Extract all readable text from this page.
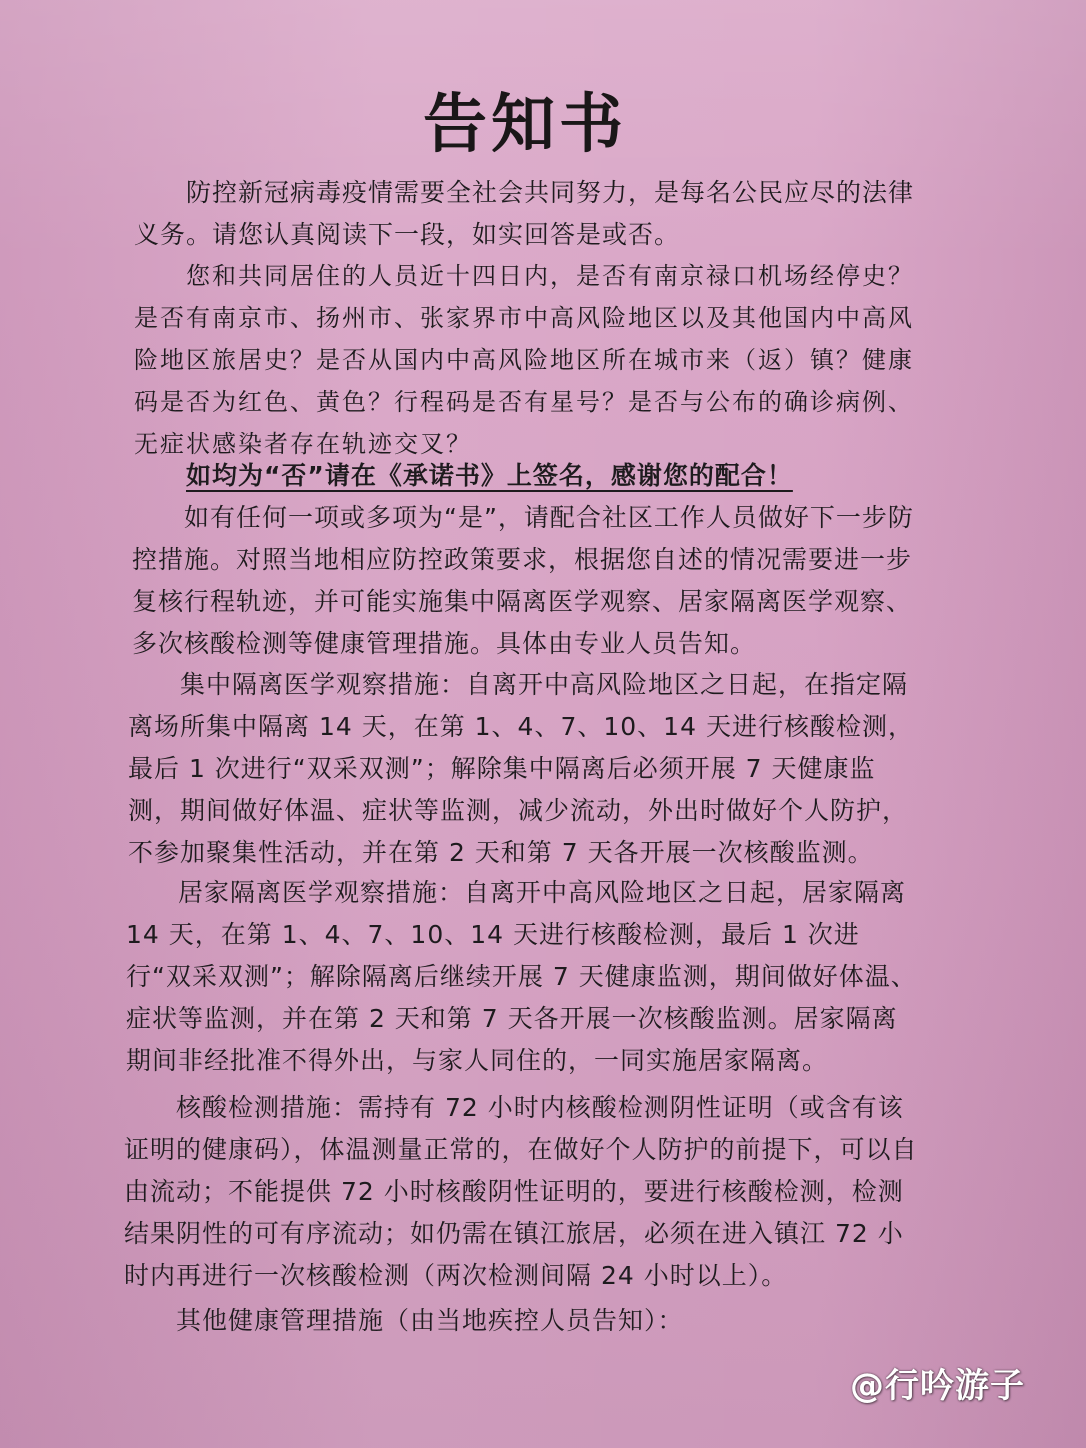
告知书

防控新冠病毒疫情需要全社会共同努力，是每名公民应尽的法律义务。请您认真阅读下一段，如实回答是或否。

您和共同居住的人员近十四日内，是否有南京禄口机场经停史？是否有南京市、扬州市、张家界市中高风险地区以及其他国内中高风险地区旅居史？是否从国内中高风险地区所在城市来（返）镇？健康码是否为红色、黄色？行程码是否有星号？是否与公布的确诊病例、无症状感染者存在轨迹交叉？

如均为“否”请在《承诺书》上签名，感谢您的配合！

如有任何一项或多项为“是”，请配合社区工作人员做好下一步防控措施。对照当地相应防控政策要求，根据您自述的情况需要进一步复核行程轨迹，并可能实施集中隔离医学观察、居家隔离医学观察、多次核酸检测等健康管理措施。具体由专业人员告知。

集中隔离医学观察措施：自离开中高风险地区之日起，在指定隔离场所集中隔离 14 天，在第 1、4、7、10、14 天进行核酸检测，最后 1 次进行“双采双测”；解除集中隔离后必须开展 7 天健康监测，期间做好体温、症状等监测，减少流动，外出时做好个人防护，不参加聚集性活动，并在第 2 天和第 7 天各开展一次核酸监测。

居家隔离医学观察措施：自离开中高风险地区之日起，居家隔离 14 天，在第 1、4、7、10、14 天进行核酸检测，最后 1 次进行“双采双测”；解除隔离后继续开展 7 天健康监测，期间做好体温、症状等监测，并在第 2 天和第 7 天各开展一次核酸监测。居家隔离期间非经批准不得外出，与家人同住的，一同实施居家隔离。

核酸检测措施：需持有 72 小时内核酸检测阴性证明（或含有该证明的健康码），体温测量正常的，在做好个人防护的前提下，可以自由流动；不能提供 72 小时核酸阴性证明的，要进行核酸检测，检测结果阴性的可有序流动；如仍需在镇江旅居，必须在进入镇江 72 小时内再进行一次核酸检测（两次检测间隔 24 小时以上）。

其他健康管理措施（由当地疾控人员告知）：

@行吟游子
